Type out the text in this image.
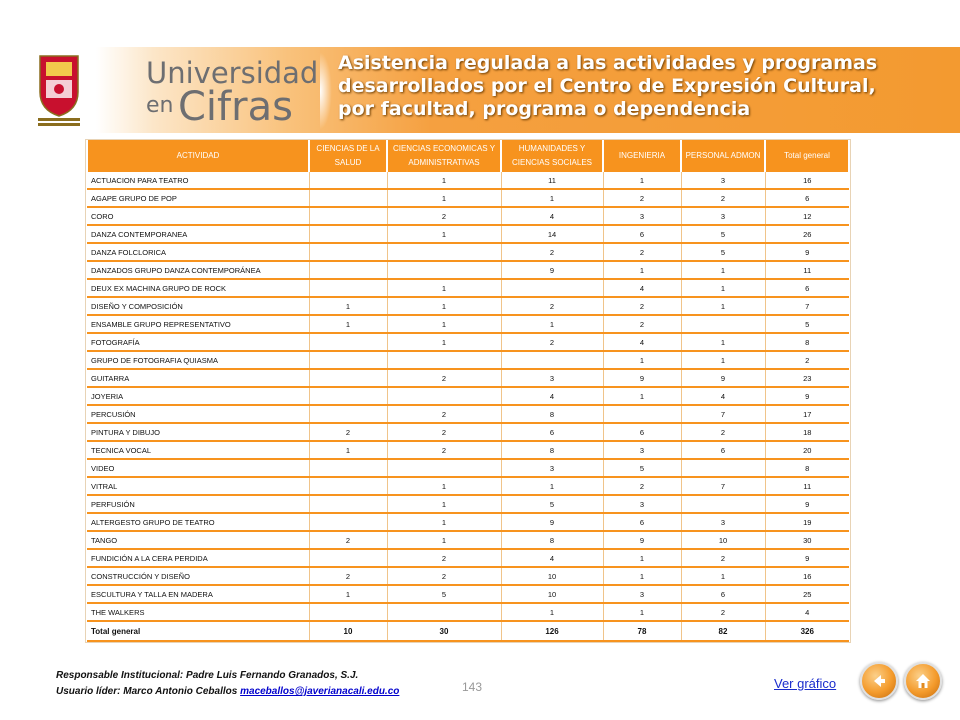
Universidad
en Cifras
Asistencia regulada a las actividades y programas desarrollados por el Centro de Expresión Cultural, por facultad, programa o dependencia
ACTIVIDAD	CIENCIAS DE LA SALUD	CIENCIAS ECONOMICAS Y ADMINISTRATIVAS	HUMANIDADES Y CIENCIAS SOCIALES	INGENIERIA	PERSONAL ADMON	Total general
ACTUACION PARA TEATRO		1	11	1	3	16
AGAPE GRUPO DE POP		1	1	2	2	6
CORO		2	4	3	3	12
DANZA CONTEMPORANEA		1	14	6	5	26
DANZA FOLCLORICA			2	2	5	9
DANZADOS GRUPO DANZA CONTEMPORÁNEA			9	1	1	11
DEUX EX MACHINA GRUPO DE ROCK		1		4	1	6
DISEÑO Y COMPOSICIÓN	1	1	2	2	1	7
ENSAMBLE GRUPO REPRESENTATIVO	1	1	1	2		5
FOTOGRAFÍA		1	2	4	1	8
GRUPO DE FOTOGRAFIA QUIASMA				1	1	2
GUITARRA		2	3	9	9	23
JOYERIA			4	1	4	9
PERCUSIÓN		2	8		7	17
PINTURA Y DIBUJO	2	2	6	6	2	18
TECNICA VOCAL	1	2	8	3	6	20
VIDEO			3	5		8
VITRAL		1	1	2	7	11
PERFUSIÓN		1	5	3		9
ALTERGESTO GRUPO DE TEATRO		1	9	6	3	19
TANGO	2	1	8	9	10	30
FUNDICIÓN A LA CERA PERDIDA		2	4	1	2	9
CONSTRUCCIÓN Y DISEÑO	2	2	10	1	1	16
ESCULTURA Y TALLA EN MADERA	1	5	10	3	6	25
THE WALKERS			1	1	2	4
Total general	10	30	126	78	82	326
Responsable Institucional: Padre Luis Fernando Granados, S.J.
Usuario líder: Marco Antonio Ceballos maceballos@javerianacali.edu.co	143	Ver gráfico
